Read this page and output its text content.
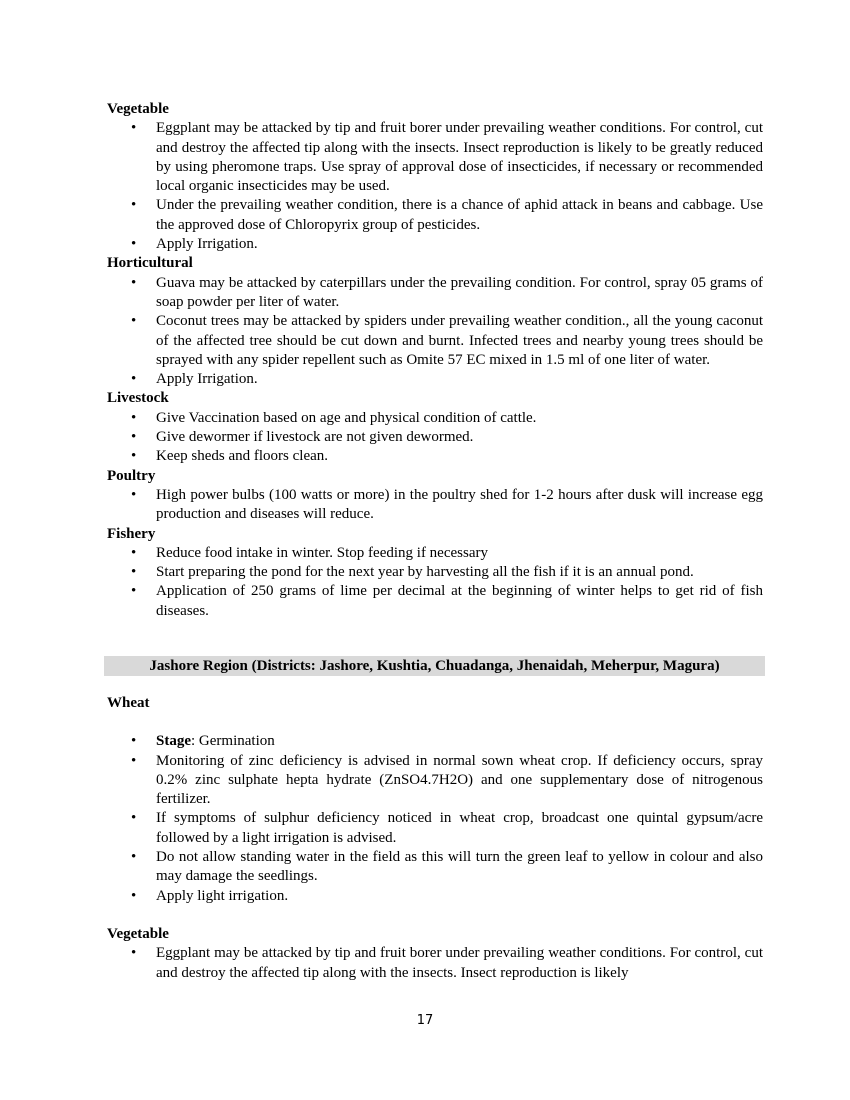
Vegetable

• Eggplant may be attacked by tip and fruit borer under prevailing weather conditions. For control, cut and destroy the affected tip along with the insects. Insect reproduction is likely to be greatly reduced by using pheromone traps. Use spray of approval dose of insecticides, if necessary or recommended local organic insecticides may be used.
• Under the prevailing weather condition, there is a chance of aphid attack in beans and cabbage. Use the approved dose of Chloropyrix group of pesticides.
• Apply Irrigation.

Horticultural

• Guava may be attacked by caterpillars under the prevailing condition. For control, spray 05 grams of soap powder per liter of water.
• Coconut trees may be attacked by spiders under prevailing weather condition., all the young caconut of the affected tree should be cut down and burnt. Infected trees and nearby young trees should be sprayed with any spider repellent such as Omite 57 EC mixed in 1.5 ml of one liter of water.
• Apply Irrigation.

Livestock

• Give Vaccination based on age and physical condition of cattle.
• Give dewormer if livestock are not given dewormed.
• Keep sheds and floors clean.

Poultry

• High power bulbs (100 watts or more) in the poultry shed for 1-2 hours after dusk will increase egg production and diseases will reduce.

Fishery

• Reduce food intake in winter. Stop feeding if necessary
• Start preparing the pond for the next year by harvesting all the fish if it is an annual pond.
• Application of 250 grams of lime per decimal at the beginning of winter helps to get rid of fish diseases.
Jashore Region (Districts: Jashore, Kushtia, Chuadanga, Jhenaidah, Meherpur, Magura)

Wheat

• Stage: Germination
• Monitoring of zinc deficiency is advised in normal sown wheat crop. If deficiency occurs, spray 0.2% zinc sulphate hepta hydrate (ZnSO4.7H2O) and one supplementary dose of nitrogenous fertilizer.
• If symptoms of sulphur deficiency noticed in wheat crop, broadcast one quintal gypsum/acre followed by a light irrigation is advised.
• Do not allow standing water in the field as this will turn the green leaf to yellow in colour and also may damage the seedlings.
• Apply light irrigation.

Vegetable

• Eggplant may be attacked by tip and fruit borer under prevailing weather conditions. For control, cut and destroy the affected tip along with the insects. Insect reproduction is likely
17
